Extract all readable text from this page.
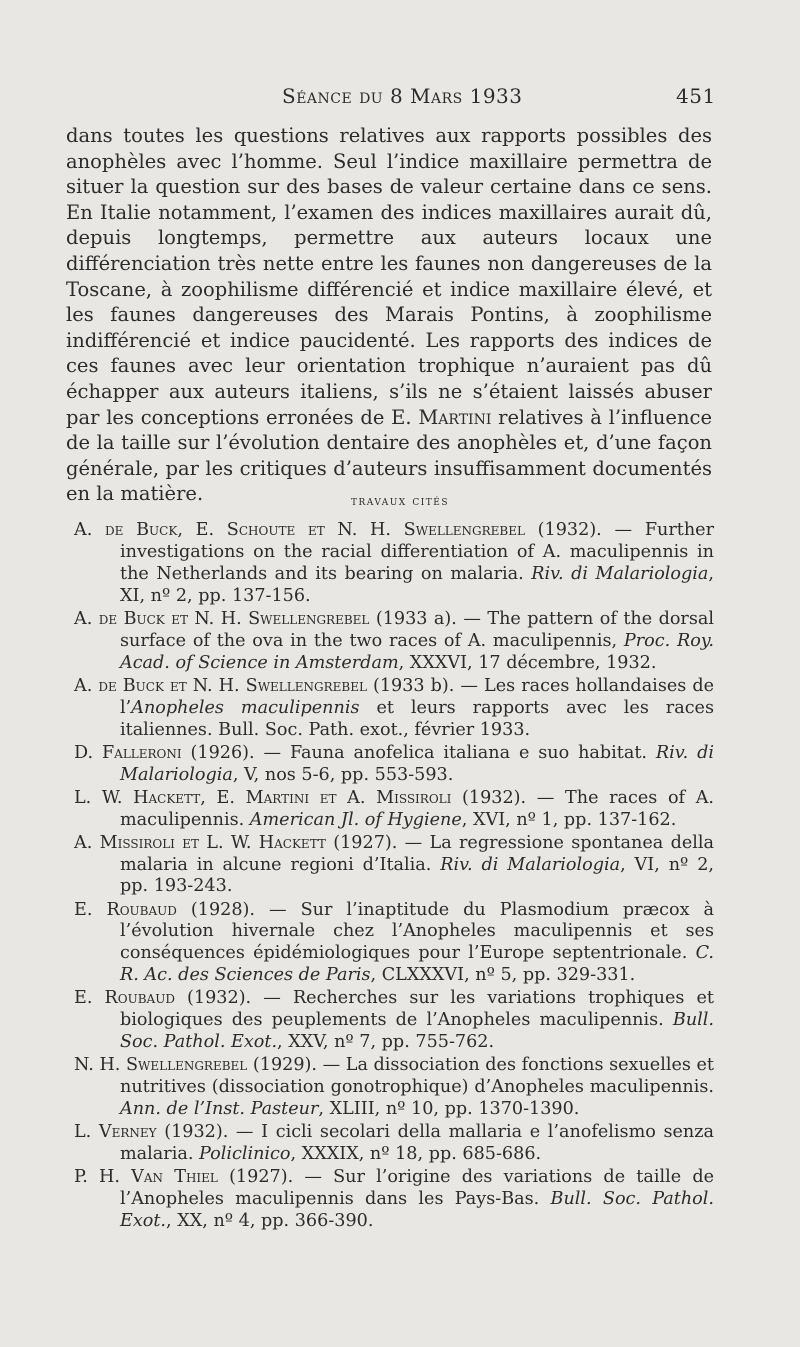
Séance du 8 Mars 1933	451
dans toutes les questions relatives aux rapports possibles des anophèles avec l’homme. Seul l’indice maxillaire permettra de situer la question sur des bases de valeur certaine dans ce sens. En Italie notamment, l’examen des indices maxillaires aurait dû, depuis longtemps, permettre aux auteurs locaux une différenciation très nette entre les faunes non dangereuses de la Toscane, à zoophilisme différencié et indice maxillaire élevé, et les faunes dangereuses des Marais Pontins, à zoophilisme indifférencié et indice paucidenté. Les rapports des indices de ces faunes avec leur orientation trophique n’auraient pas dû échapper aux auteurs italiens, s’ils ne s’étaient laissés abuser par les conceptions erronées de E. Martini relatives à l’influence de la taille sur l’évolution dentaire des anophèles et, d’une façon générale, par les critiques d’auteurs insuffisamment documentés en la matière.	travaux cités

A. de Buck, E. Schoute et N. H. Swellengrebel (1932). — Further investigations on the racial differentiation of A. maculipennis in the Netherlands and its bearing on malaria. Riv. di Malariologia, XI, nº 2, pp. 137-156.

A. de Buck et N. H. Swellengrebel (1933 a). — The pattern of the dorsal surface of the ova in the two races of A. maculipennis, Proc. Roy. Acad. of Science in Amsterdam, XXXVI, 17 décembre, 1932.

A. de Buck et N. H. Swellengrebel (1933 b). — Les races hollandaises de l’Anopheles maculipennis et leurs rapports avec les races italiennes. Bull. Soc. Path. exot., février 1933.

D. Falleroni (1926). — Fauna anofelica italiana e suo habitat. Riv. di Malariologia, V, nos 5-6, pp. 553-593.

L. W. Hackett, E. Martini et A. Missiroli (1932). — The races of A. maculipennis. American Jl. of Hygiene, XVI, nº 1, pp. 137-162.

A. Missiroli et L. W. Hackett (1927). — La regressione spontanea della malaria in alcune regioni d’Italia. Riv. di Malariologia, VI, nº 2, pp. 193-243.

E. Roubaud (1928). — Sur l’inaptitude du Plasmodium præcox à l’évolution hivernale chez l’Anopheles maculipennis et ses conséquences épidémiologiques pour l’Europe septentrionale. C. R. Ac. des Sciences de Paris, CLXXXVI, nº 5, pp. 329-331.

E. Roubaud (1932). — Recherches sur les variations trophiques et biologiques des peuplements de l’Anopheles maculipennis. Bull. Soc. Pathol. Exot., XXV, nº 7, pp. 755-762.

N. H. Swellengrebel (1929). — La dissociation des fonctions sexuelles et nutritives (dissociation gonotrophique) d’Anopheles maculipennis. Ann. de l’Inst. Pasteur, XLIII, nº 10, pp. 1370-1390.

L. Verney (1932). — I cicli secolari della mallaria e l’anofelismo senza malaria. Policlinico, XXXIX, nº 18, pp. 685-686.

P. H. Van Thiel (1927). — Sur l’origine des variations de taille de l’Anopheles maculipennis dans les Pays-Bas. Bull. Soc. Pathol. Exot., XX, nº 4, pp. 366-390.
